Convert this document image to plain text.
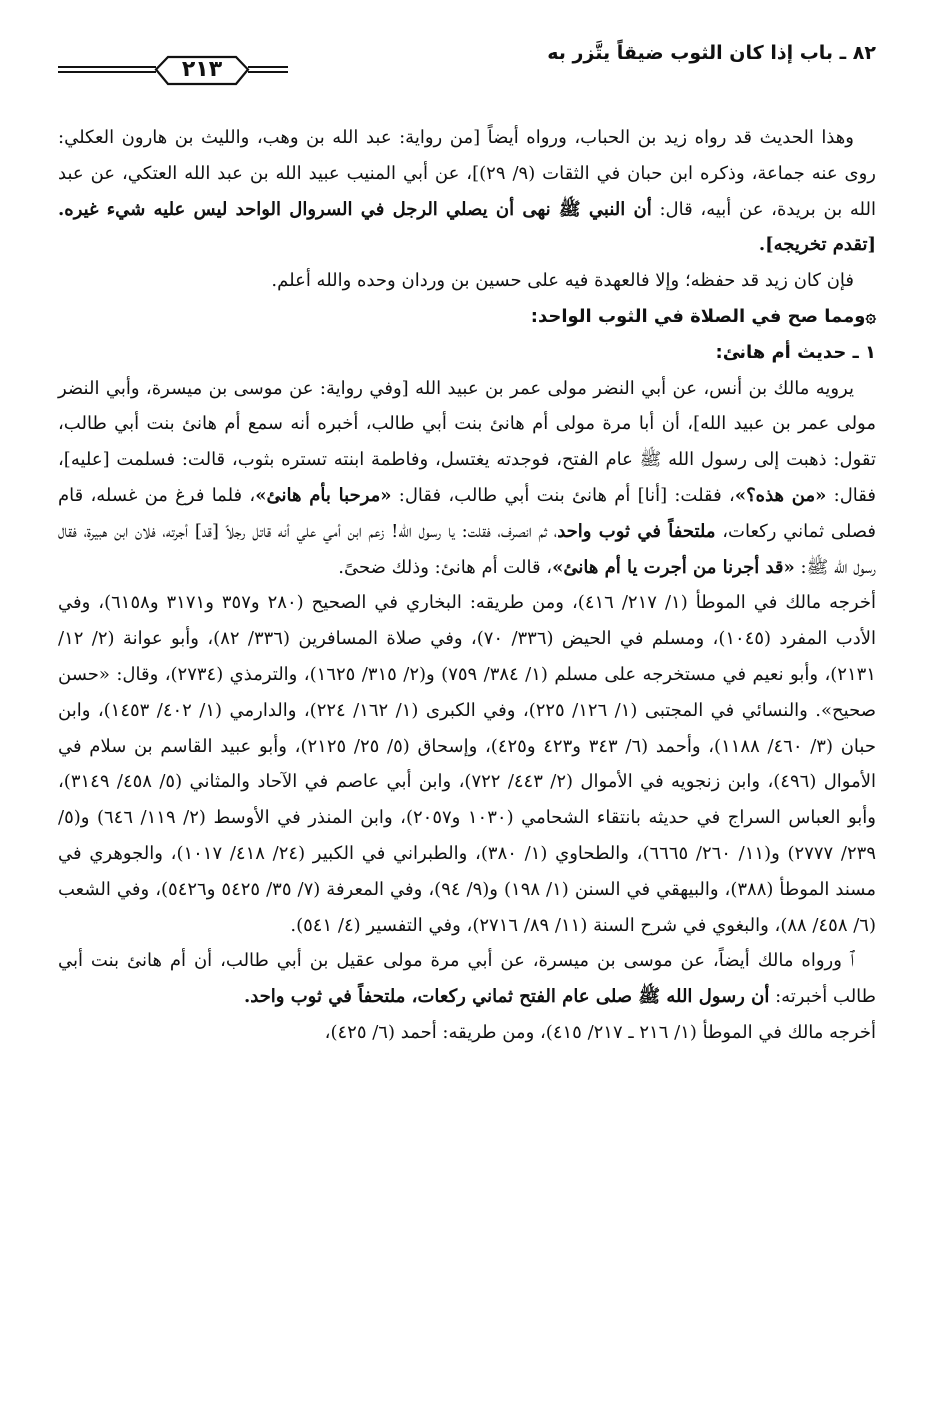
٨٢ ـ باب إذا كان الثوب ضيقاً يتَّزر به
٢١٣

وهذا الحديث قد رواه زيد بن الحباب، ورواه أيضاً [من رواية: عبد الله بن وهب، والليث بن هارون العكلي: روى عنه جماعة، وذكره ابن حبان في الثقات (٩/ ٢٩)]، عن أبي المنيب عبيد الله بن عبد الله العتكي، عن عبد الله بن بريدة، عن أبيه، قال: أن النبي ﷺ نهى أن يصلي الرجل في السروال الواحد ليس عليه شيء غيره. [تقدم تخريجه].

فإن كان زيد قد حفظه؛ وإلا فالعهدة فيه على حسين بن وردان وحده والله أعلم.

۞ومما صح في الصلاة في الثوب الواحد:

١ ـ حديث أم هانئ:

يرويه مالك بن أنس، عن أبي النضر مولى عمر بن عبيد الله [وفي رواية: عن موسى بن ميسرة، وأبي النضر مولى عمر بن عبيد الله]، أن أبا مرة مولى أم هانئ بنت أبي طالب، أخبره أنه سمع أم هانئ بنت أبي طالب، تقول: ذهبت إلى رسول الله ﷺ عام الفتح، فوجدته يغتسل، وفاطمة ابنته تستره بثوب، قالت: فسلمت [عليه]، فقال: «من هذه؟»، فقلت: [أنا] أم هانئ بنت أبي طالب، فقال: «مرحبا بأم هانئ»، فلما فرغ من غسله، قام فصلى ثماني ركعات، ملتحفاً في ثوب واحد، ثم انصرف، فقلت: يا رسول الله! زعم ابن أمي علي أنه قاتل رجلاً [قد] أجرته، فلان ابن هبيرة، فقال رسول الله ﷺ: «قد أجرنا من أجرت يا أم هانئ»، قالت أم هانئ: وذلك ضحىً.

أخرجه مالك في الموطأ (١/ ٢١٧/ ٤١٦)، ومن طريقه: البخاري في الصحيح (٢٨٠ و٣٥٧ و٣١٧١ و٦١٥٨)، وفي الأدب المفرد (١٠٤٥)، ومسلم في الحيض (٣٣٦/ ٧٠)، وفي صلاة المسافرين (٣٣٦/ ٨٢)، وأبو عوانة (٢/ ١٢/ ٢١٣١)، وأبو نعيم في مستخرجه على مسلم (١/ ٣٨٤/ ٧٥٩) و(٢/ ٣١٥/ ١٦٢٥)، والترمذي (٢٧٣٤)، وقال: «حسن صحيح». والنسائي في المجتبى (١/ ١٢٦/ ٢٢٥)، وفي الكبرى (١/ ١٦٢/ ٢٢٤)، والدارمي (١/ ٤٠٢/ ١٤٥٣)، وابن حبان (٣/ ٤٦٠/ ١١٨٨)، وأحمد (٦/ ٣٤٣ و٤٢٣ و٤٢٥)، وإسحاق (٥/ ٢٥/ ٢١٢٥)، وأبو عبيد القاسم بن سلام في الأموال (٤٩٦)، وابن زنجويه في الأموال (٢/ ٤٤٣/ ٧٢٢)، وابن أبي عاصم في الآحاد والمثاني (٥/ ٤٥٨/ ٣١٤٩)، وأبو العباس السراج في حديثه بانتقاء الشحامي (١٠٣٠ و٢٠٥٧)، وابن المنذر في الأوسط (٢/ ١١٩/ ٦٤٦) و(٥/ ٢٣٩/ ٢٧٧٧) و(١١/ ٢٦٠/ ٦٦٦٥)، والطحاوي (١/ ٣٨٠)، والطبراني في الكبير (٢٤/ ٤١٨/ ١٠١٧)، والجوهري في مسند الموطأ (٣٨٨)، والبيهقي في السنن (١/ ١٩٨) و(٩/ ٩٤)، وفي المعرفة (٧/ ٣٥/ ٥٤٢٥ و٥٤٢٦)، وفي الشعب (٦/ ٤٥٨/ ٨٨)، والبغوي في شرح السنة (١١/ ٨٩/ ٢٧١٦)، وفي التفسير (٤/ ٥٤١).

ﭐ ورواه مالك أيضاً، عن موسى بن ميسرة، عن أبي مرة مولى عقيل بن أبي طالب، أن أم هانئ بنت أبي طالب أخبرته: أن رسول الله ﷺ صلى عام الفتح ثماني ركعات، ملتحفاً في ثوب واحد.

أخرجه مالك في الموطأ (١/ ٢١٦ ـ ٢١٧/ ٤١٥)، ومن طريقه: أحمد (٦/ ٤٢٥)،
